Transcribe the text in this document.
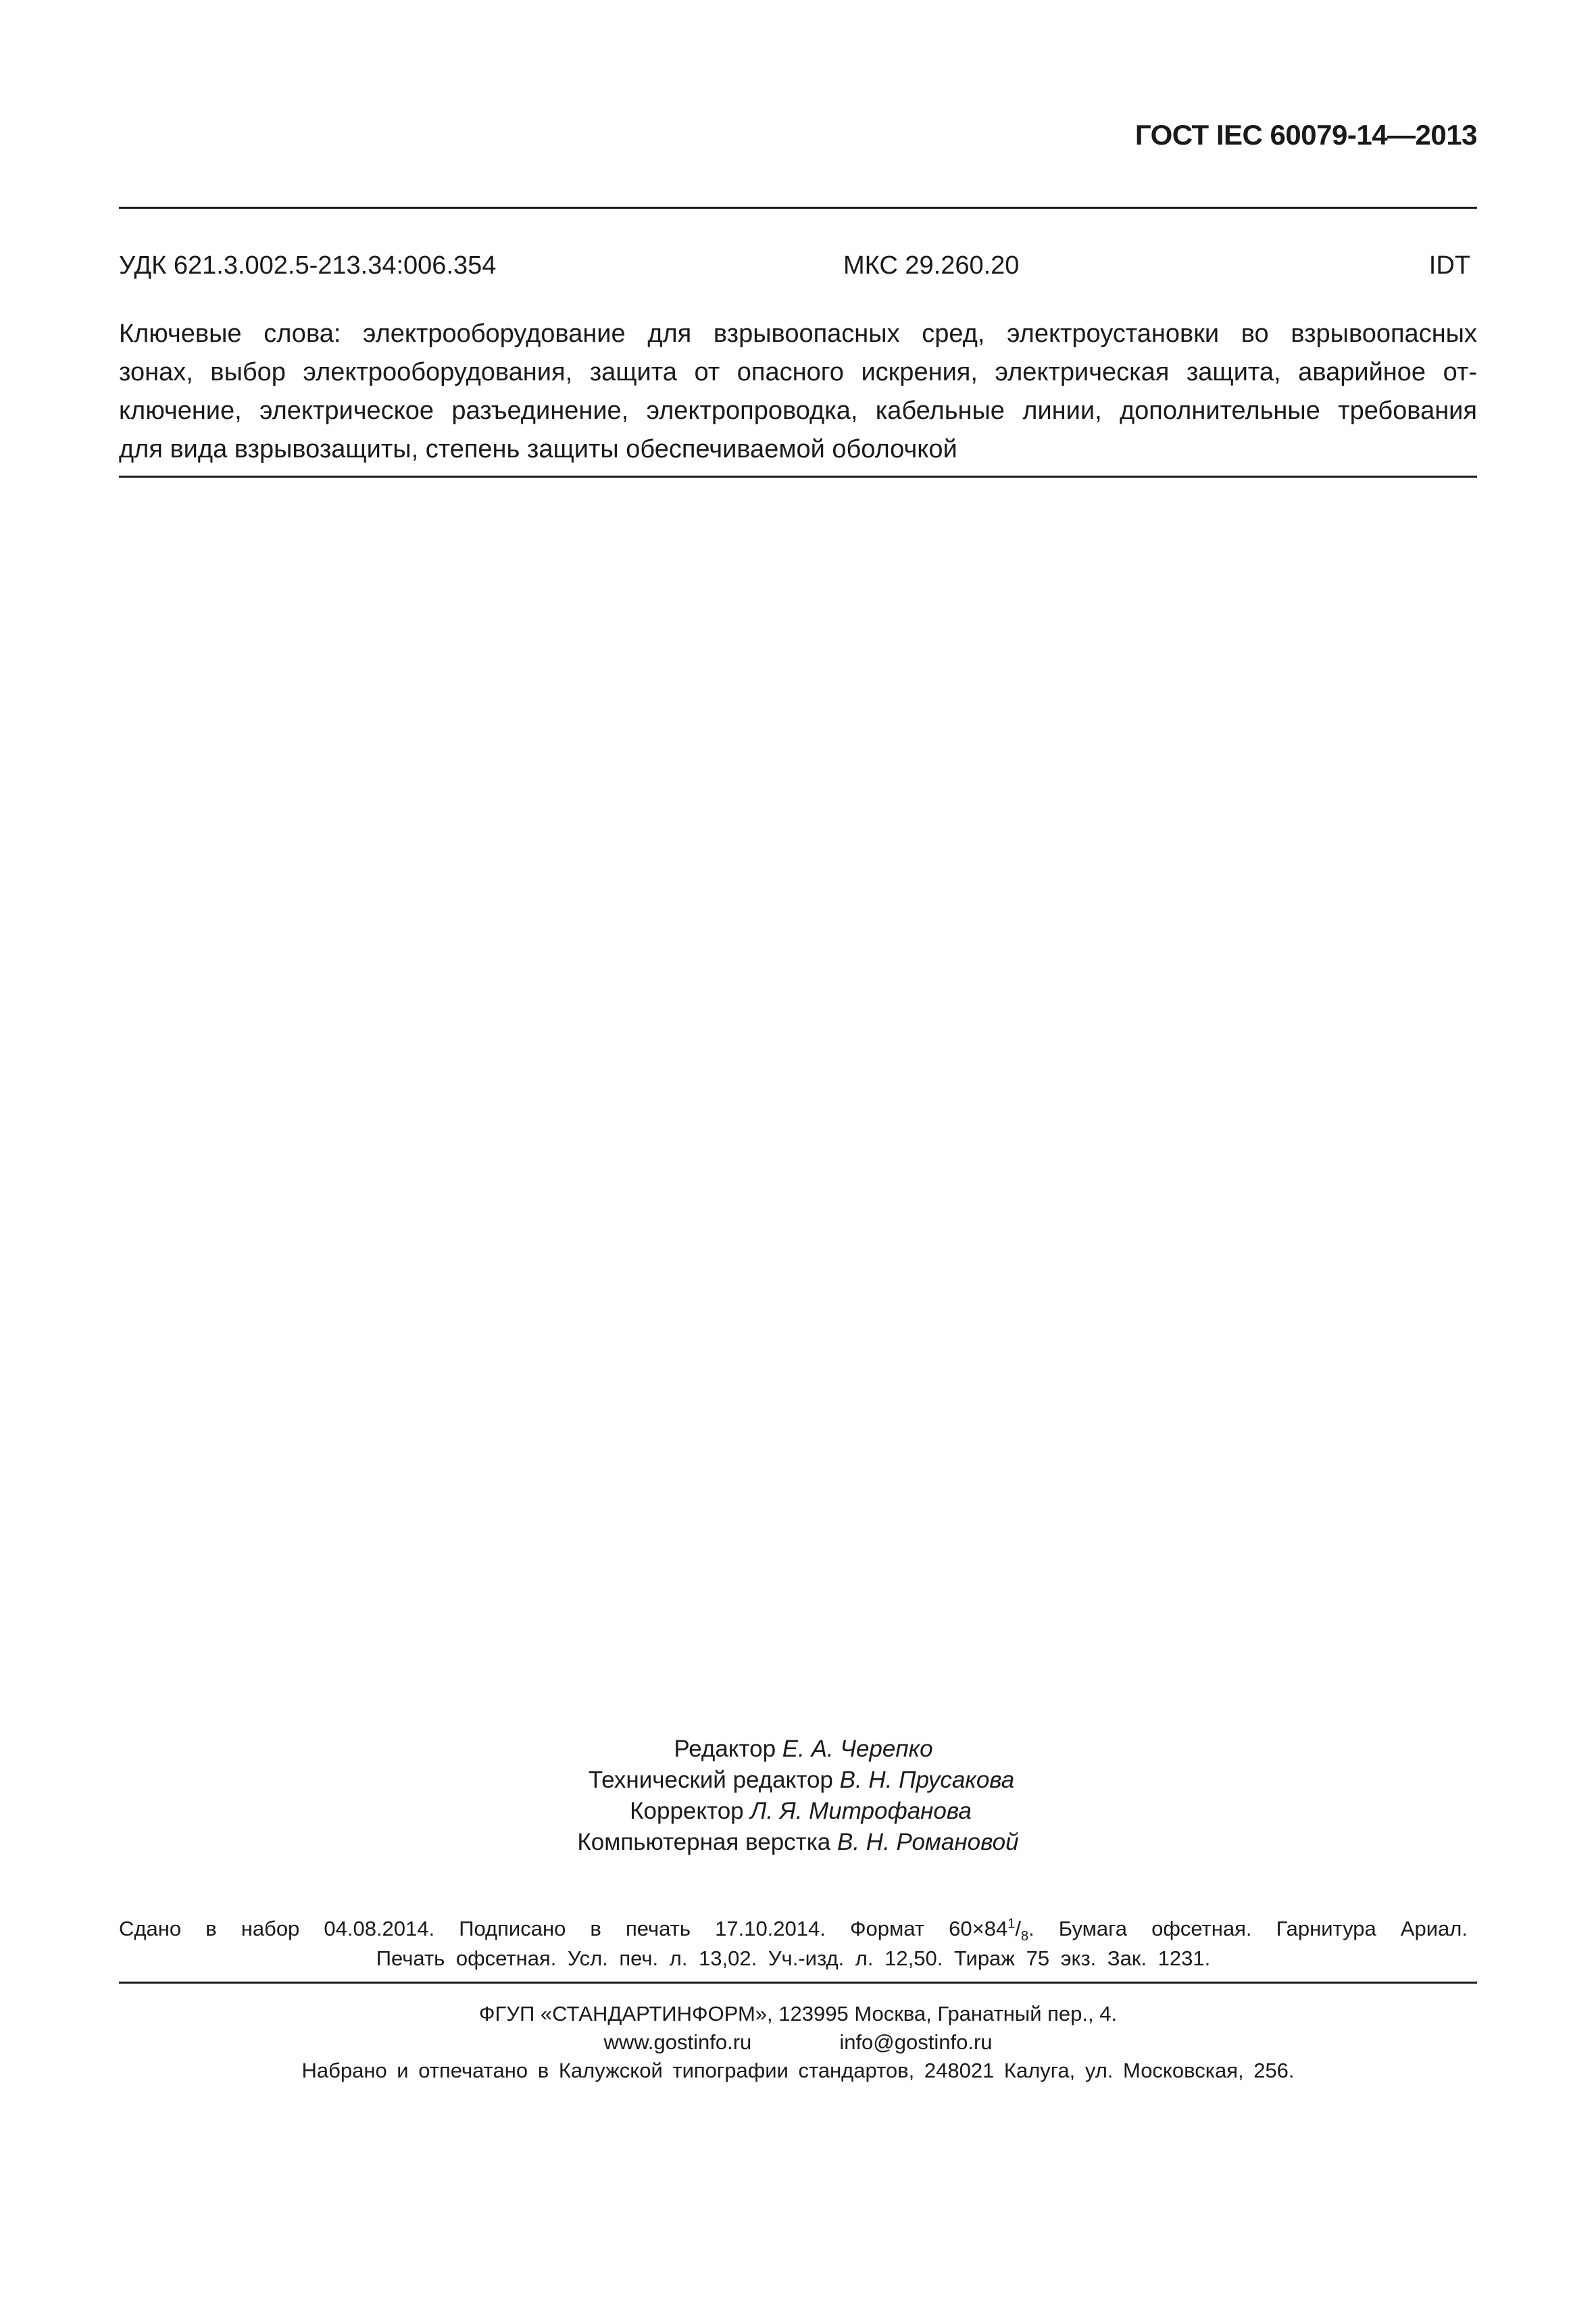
ГОСТ IEC 60079-14—2013
УДК 621.3.002.5-213.34:006.354	МКС 29.260.20	IDT
Ключевые слова: электрооборудование для взрывоопасных сред, электроустановки во взрывоопасных
зонах, выбор электрооборудования, защита от опасного искрения, электрическая защита, аварийное от-
ключение, электрическое разъединение, электропроводка, кабельные линии, дополнительные требования
для вида взрывозащиты, степень защиты обеспечиваемой оболочкой
Редактор Е. А. Черепко
Технический редактор В. Н. Прусакова
Корректор Л. Я. Митрофанова
Компьютерная верстка В. Н. Романовой
Сдано в набор 04.08.2014. Подписано в печать 17.10.2014. Формат $60\times 84^1/_8$. Бумага офсетная. Гарнитура Ариал.
Печать офсетная. Усл. печ. л. 13,02. Уч.-изд. л. 12,50. Тираж 75 экз. Зак. 1231.
ФГУП «СТАНДАРТИНФОРМ», 123995 Москва, Гранатный пер., 4.
www.gostinfo.ru	info@gostinfo.ru
Набрано и отпечатано в Калужской типографии стандартов, 248021 Калуга, ул. Московская, 256.
